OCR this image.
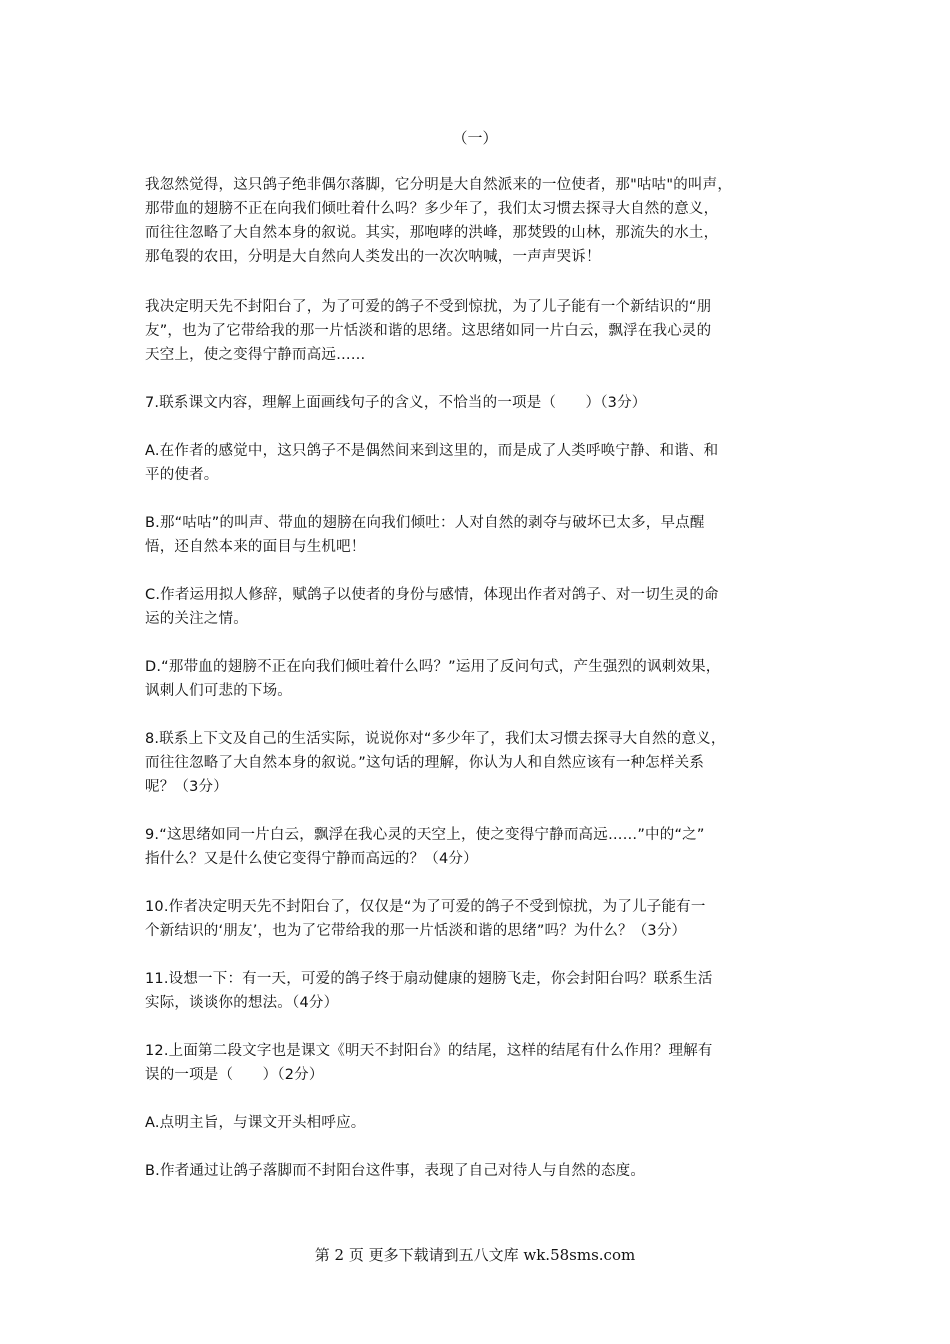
（一）
我忽然觉得，这只鸽子绝非偶尔落脚，它分明是大自然派来的一位使者，那"咕咕"的叫声，
那带血的翅膀不正在向我们倾吐着什么吗？多少年了，我们太习惯去探寻大自然的意义，
而往往忽略了大自然本身的叙说。其实，那咆哮的洪峰，那焚毁的山林，那流失的水土，
那龟裂的农田，分明是大自然向人类发出的一次次呐喊，一声声哭诉！
我决定明天先不封阳台了，为了可爱的鸽子不受到惊扰，为了儿子能有一个新结识的“朋
友”，也为了它带给我的那一片恬淡和谐的思绪。这思绪如同一片白云，飘浮在我心灵的
天空上，使之变得宁静而高远……
7.联系课文内容，理解上面画线句子的含义，不恰当的一项是（　　）（3分）
A.在作者的感觉中，这只鸽子不是偶然间来到这里的，而是成了人类呼唤宁静、和谐、和
平的使者。
B.那“咕咕”的叫声、带血的翅膀在向我们倾吐：人对自然的剥夺与破坏已太多，早点醒
悟，还自然本来的面目与生机吧！
C.作者运用拟人修辞，赋鸽子以使者的身份与感情，体现出作者对鸽子、对一切生灵的命
运的关注之情。
D.“那带血的翅膀不正在向我们倾吐着什么吗？”运用了反问句式，产生强烈的讽刺效果，
讽刺人们可悲的下场。
8.联系上下文及自己的生活实际，说说你对“多少年了，我们太习惯去探寻大自然的意义，
而往往忽略了大自然本身的叙说。”这句话的理解，你认为人和自然应该有一种怎样关系
呢？（3分）
9.“这思绪如同一片白云，飘浮在我心灵的天空上，使之变得宁静而高远……”中的“之”
指什么？又是什么使它变得宁静而高远的？（4分）
10.作者决定明天先不封阳台了，仅仅是“为了可爱的鸽子不受到惊扰，为了儿子能有一
个新结识的‘朋友’，也为了它带给我的那一片恬淡和谐的思绪”吗？为什么？（3分）
11.设想一下：有一天，可爱的鸽子终于扇动健康的翅膀飞走，你会封阳台吗？联系生活
实际，谈谈你的想法。（4分）
12.上面第二段文字也是课文《明天不封阳台》的结尾，这样的结尾有什么作用？理解有
误的一项是（　　）（2分）
A.点明主旨，与课文开头相呼应。
B.作者通过让鸽子落脚而不封阳台这件事，表现了自己对待人与自然的态度。
第 2 页 更多下载请到五八文库 wk.58sms.com
